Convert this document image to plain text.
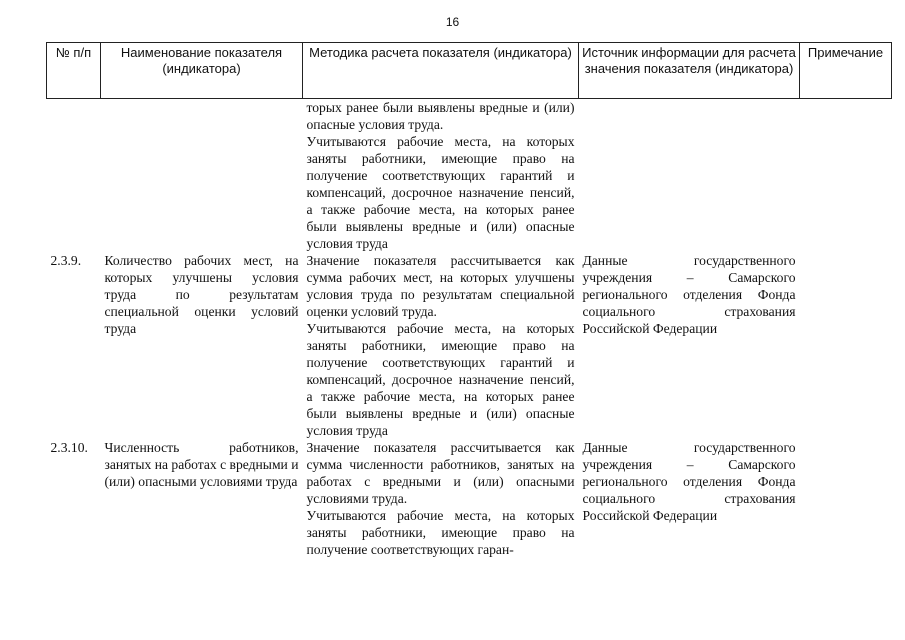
16
№ п/п	Наименование показателя (индикатора)	Методика расчета показателя (индикатора)	Источник информации для расчета значения показателя (индикатора)	Примечание

		торых ранее были выявлены вредные и (или) опасные условия труда.
Учитываются рабочие места, на которых заняты работники, имеющие право на получение соответствующих гарантий и компенсаций, досрочное назначение пенсий, а также рабочие места, на которых ранее были выявлены вредные и (или) опасные условия труда		

2.3.9.	Количество рабочих мест, на которых улучшены условия труда по результатам специальной оценки условий труда	Значение показателя рассчитывается как сумма рабочих мест, на которых улучшены условия труда по результатам специальной оценки условий труда.
Учитываются рабочие места, на которых заняты работники, имеющие право на получение соответствующих гарантий и компенсаций, досрочное назначение пенсий, а также рабочие места, на которых ранее были выявлены вредные и (или) опасные условия труда	Данные государственного учреждения – Самарского регионального отделения Фонда социального страхования Российской Федерации	
2.3.10.	Численность работников, занятых на работах с вредными и (или) опасными условиями труда	Значение показателя рассчитывается как сумма численности работников, занятых на работах с вредными и (или) опасными условиями труда.
Учитываются рабочие места, на которых заняты работники, имеющие право на получение соответствующих гаран-	Данные государственного учреждения – Самарского регионального отделения Фонда социального страхования Российской Федерации	
